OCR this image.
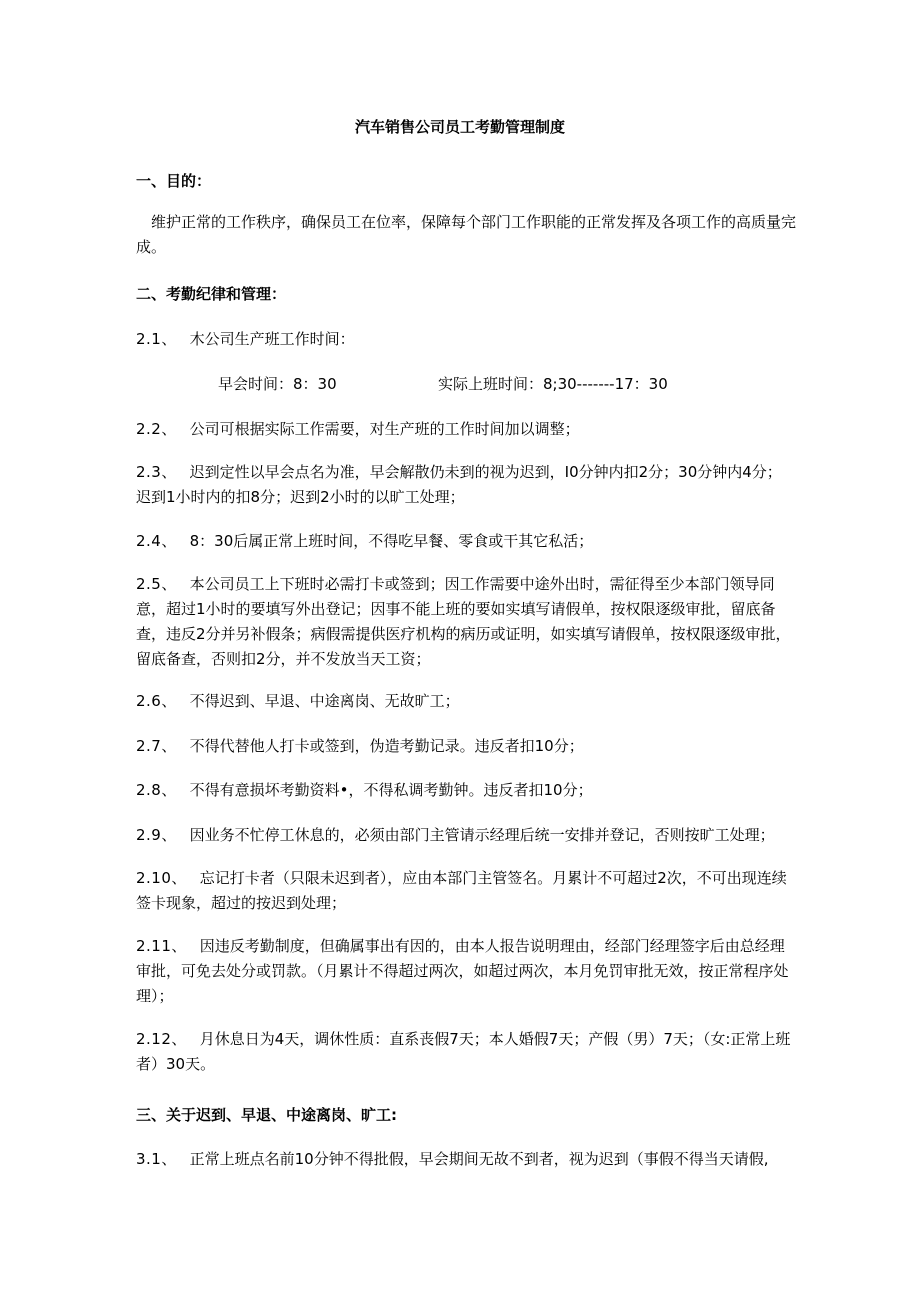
汽车销售公司员工考勤管理制度
一、目的：
维护正常的工作秩序，确保员工在位率，保障每个部门工作职能的正常发挥及各项工作的高质量完成。
二、考勤纪律和管理：
2.1、 木公司生产班工作时间：
早会时间：8：30	实际上班时间：8;30-------17：30
2.2、 公司可根据实际工作需要，对生产班的工作时间加以调整；
2.3、 迟到定性以早会点名为准，早会解散仍未到的视为迟到，I0分钟内扣2分；30分钟内4分；迟到1小时内的扣8分；迟到2小时的以旷工处理；
2.4、 8：30后属正常上班时间，不得吃早餐、零食或干其它私活；
2.5、 本公司员工上下班时必需打卡或签到；因工作需要中途外出时，需征得至少本部门领导同意，超过1小时的要填写外出登记；因事不能上班的要如实填写请假单，按权限逐级审批，留底备查，违反2分并另补假条；病假需提供医疗机构的病历或证明，如实填写请假单，按权限逐级审批，留底备查，否则扣2分，并不发放当天工资；
2.6、 不得迟到、早退、中途离岗、无故旷工；
2.7、 不得代替他人打卡或签到，伪造考勤记录。违反者扣10分；
2.8、 不得有意损坏考勤资料•，不得私调考勤钟。违反者扣10分；
2.9、 因业务不忙停工休息的，必须由部门主管请示经理后统一安排并登记，否则按旷工处理；
2.10、 忘记打卡者（只限未迟到者），应由本部门主管签名。月累计不可超过2次，不可出现连续签卡现象，超过的按迟到处理；
2.11、 因违反考勤制度，但确属事出有因的，由本人报告说明理由，经部门经理签字后由总经理审批，可免去处分或罚款。（月累计不得超过两次，如超过两次，本月免罚审批无效，按正常程序处理）；
2.12、 月休息日为4天，调休性质：直系丧假7天；本人婚假7天；产假（男）7天；（女:正常上班者）30天。
三、关于迟到、早退、中途离岗、旷工:
3.1、 正常上班点名前10分钟不得批假，早会期间无故不到者，视为迟到（事假不得当天请假,
